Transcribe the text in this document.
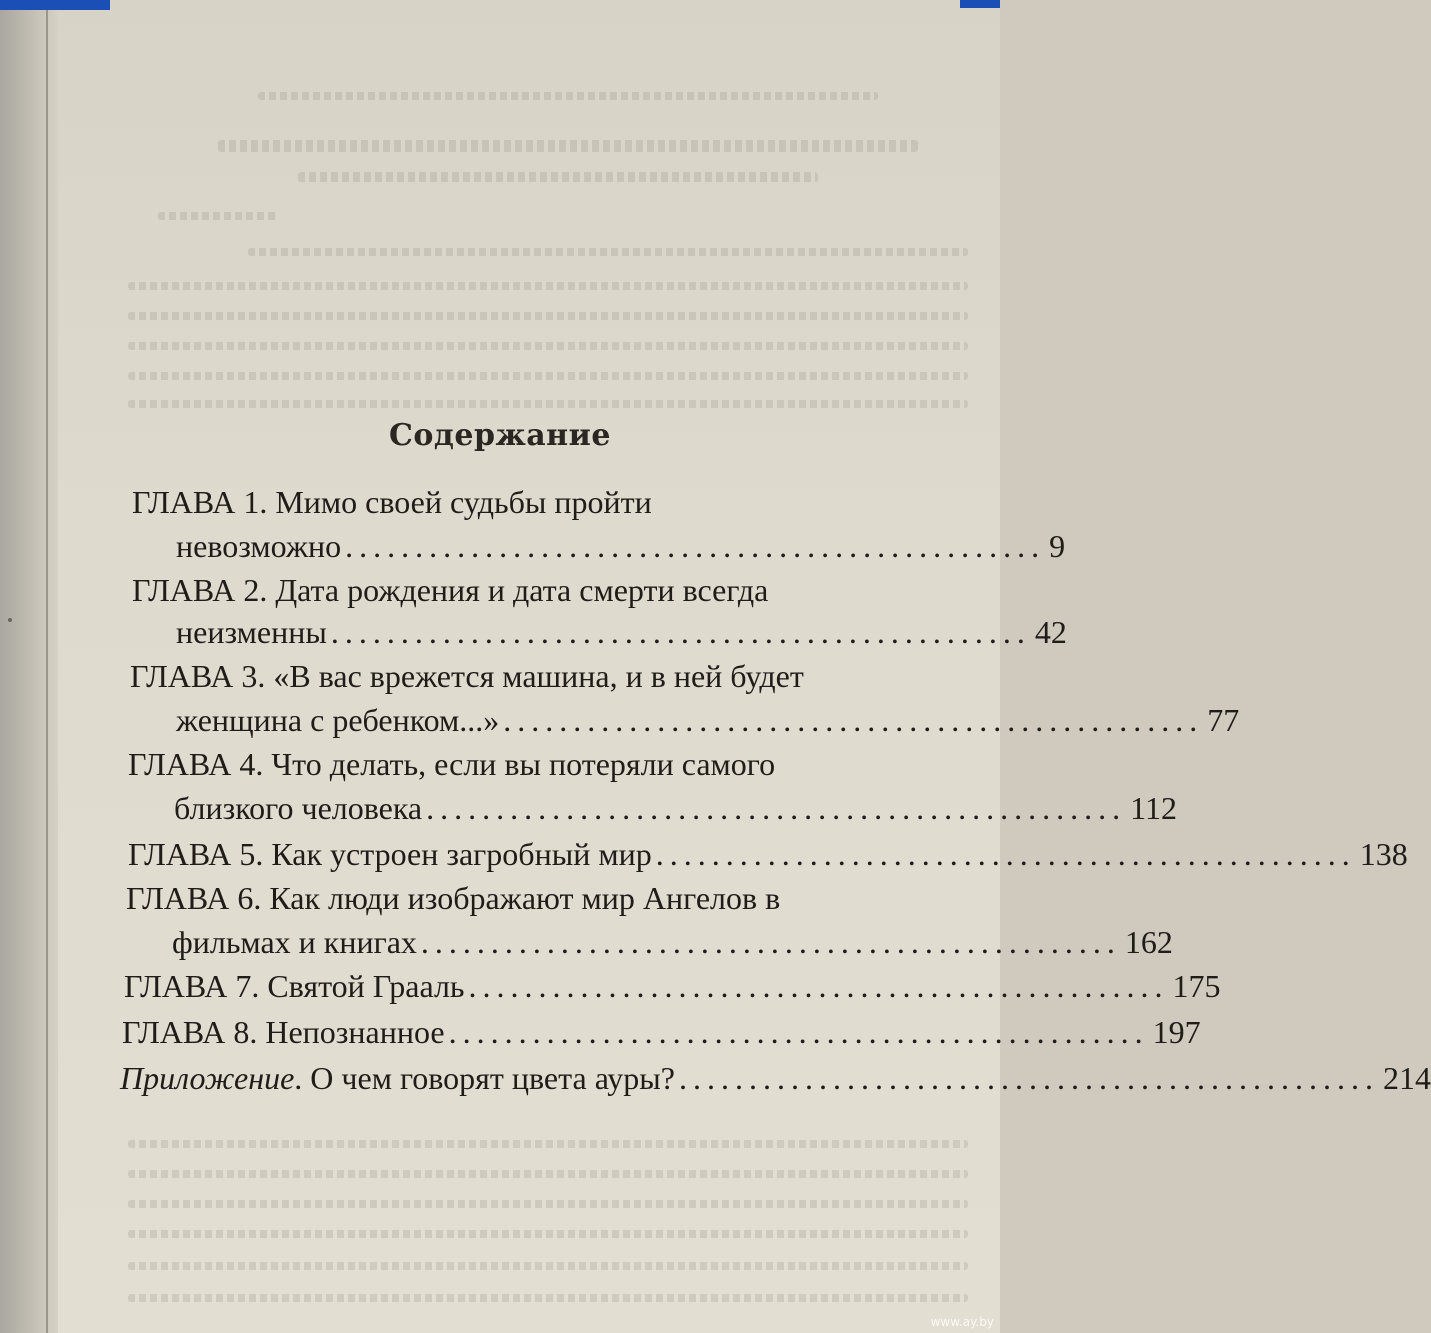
Содержание
ГЛАВА 1. Мимо своей судьбы пройти
невозможно .................................................. 9
ГЛАВА 2. Дата рождения и дата смерти всегда
неизменны .................................................. 42
ГЛАВА 3. «В вас врежется машина, и в ней будет
женщина с ребенком...» .................................................. 77
ГЛАВА 4. Что делать, если вы потеряли самого
близкого человека .................................................. 112
ГЛАВА 5. Как устроен загробный мир .................................................. 138
ГЛАВА 6. Как люди изображают мир Ангелов в
фильмах и книгах .................................................. 162
ГЛАВА 7. Святой Грааль .................................................. 175
ГЛАВА 8. Непознанное .................................................. 197
Приложение. О чем говорят цвета ауры? .................................................. 214
www.ay.by
